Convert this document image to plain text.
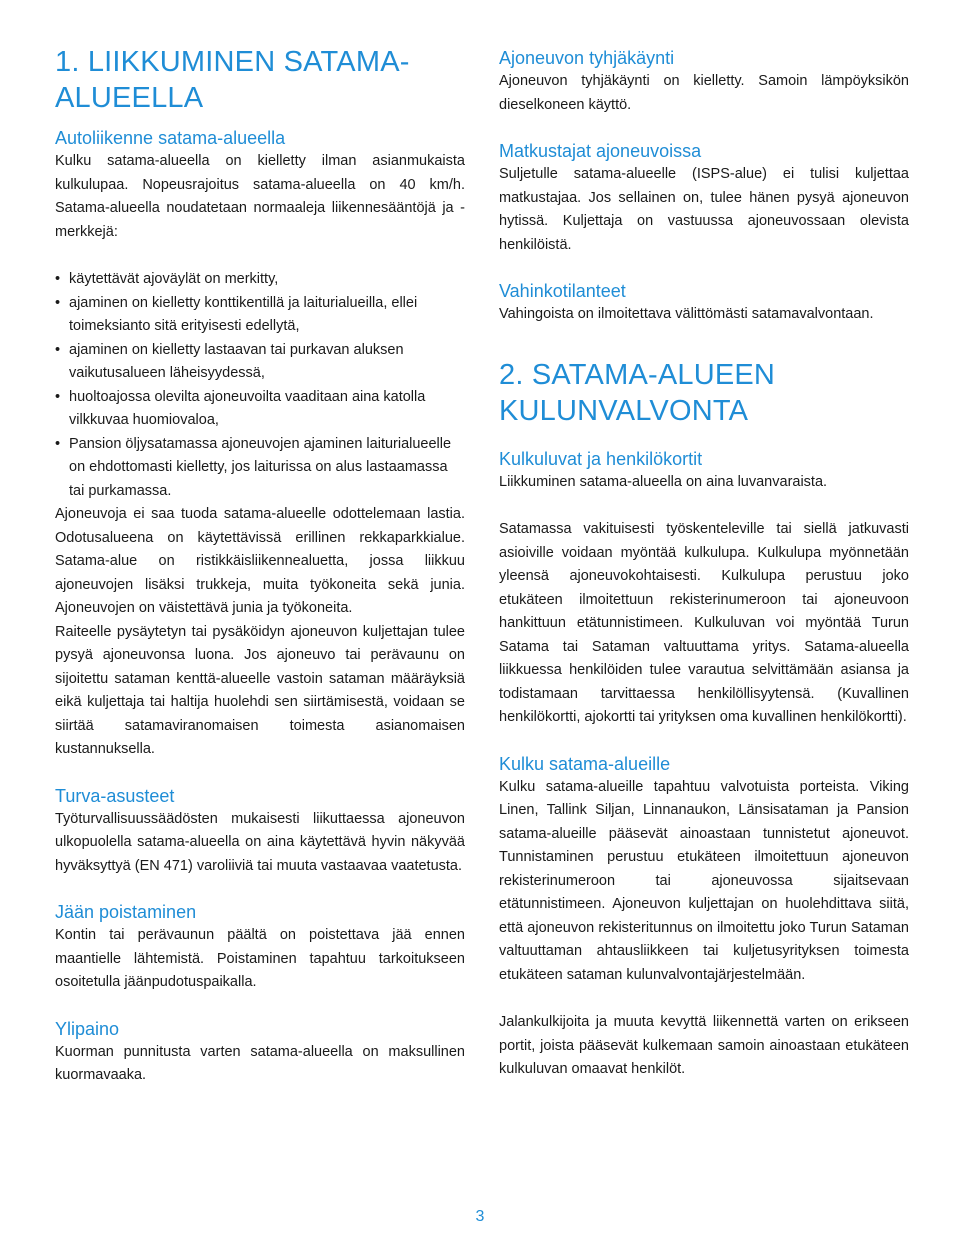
1. LIIKKUMINEN SATAMA-ALUEELLA
Autoliikenne satama-alueella

Kulku satama-alueella on kielletty ilman asianmukaista kulkulupaa. Nopeusrajoitus satama-alueella on 40 km/h. Satama-alueella noudatetaan normaaleja liikennesääntöjä ja -merkkejä:

• käytettävät ajoväylät on merkitty,
• ajaminen on kielletty konttikentillä ja laiturialueilla, ellei toimeksianto sitä erityisesti edellytä,
• ajaminen on kielletty lastaavan tai purkavan aluksen vaikutusalueen läheisyydessä,
• huoltoajossa olevilta ajoneuvoilta vaaditaan aina katolla vilkkuvaa huomiovaloa,
• Pansion öljysatamassa ajoneuvojen ajaminen laiturialueelle on ehdottomasti kielletty, jos laiturissa on alus lastaamassa tai purkamassa.

Ajoneuvoja ei saa tuoda satama-alueelle odottelemaan lastia. Odotusalueena on käytettävissä erillinen rekkaparkkialue. Satama-alue on ristikkäisliikennealuetta, jossa liikkuu ajoneuvojen lisäksi trukkeja, muita työkoneita sekä junia. Ajoneuvojen on väistettävä junia ja työkoneita.

Raiteelle pysäytetyn tai pysäköidyn ajoneuvon kuljettajan tulee pysyä ajoneuvonsa luona. Jos ajoneuvo tai perävaunu on sijoitettu sataman kenttä-alueelle vastoin sataman määräyksiä eikä kuljettaja tai haltija huolehdi sen siirtämisestä, voidaan se siirtää satamaviranomaisen toimesta asianomaisen kustannuksella.

Turva-asusteet

Työturvallisuussäädösten mukaisesti liikuttaessa ajoneuvon ulkopuolella satama-alueella on aina käytettävä hyvin näkyvää hyväksyttyä (EN 471) varoliiviä tai muuta vastaavaa vaatetusta.

Jään poistaminen

Kontin tai perävaunun päältä on poistettava jää ennen maantielle lähtemistä. Poistaminen tapahtuu tarkoitukseen osoitetulla jäänpudotuspaikalla.

Ylipaino

Kuorman punnitusta varten satama-alueella on maksullinen kuormavaaka.

Ajoneuvon tyhjäkäynti

Ajoneuvon tyhjäkäynti on kielletty. Samoin lämpöyksikön dieselkoneen käyttö.

Matkustajat ajoneuvoissa

Suljetulle satama-alueelle (ISPS-alue) ei tulisi kuljettaa matkustajaa. Jos sellainen on, tulee hänen pysyä ajoneuvon hytissä. Kuljettaja on vastuussa ajoneuvossaan olevista henkilöistä.

Vahinkotilanteet

Vahingoista on ilmoitettava välittömästi satamavalvontaan.

2. SATAMA-ALUEEN KULUNVALVONTA
Kulkuluvat ja henkilökortit

Liikkuminen satama-alueella on aina luvanvaraista.

Satamassa vakituisesti työskenteleville tai siellä jatkuvasti asioiville voidaan myöntää kulkulupa. Kulkulupa myönnetään yleensä ajoneuvokohtaisesti. Kulkulupa perustuu joko etukäteen ilmoitettuun rekisterinumeroon tai ajoneuvoon hankittuun etätunnistimeen. Kulkuluvan voi myöntää Turun Satama tai Sataman valtuuttama yritys. Satama-alueella liikkuessa henkilöiden tulee varautua selvittämään asiansa ja todistamaan tarvittaessa henkilöllisyytensä. (Kuvallinen henkilökortti, ajokortti tai yrityksen oma kuvallinen henkilökortti).

Kulku satama-alueille

Kulku satama-alueille tapahtuu valvotuista porteista. Viking Linen, Tallink Siljan, Linnanaukon, Länsisataman ja Pansion satama-alueille pääsevät ainoastaan tunnistetut ajoneuvot. Tunnistaminen perustuu etukäteen ilmoitettuun ajoneuvon rekisterinumeroon tai ajoneuvossa sijaitsevaan etätunnistimeen. Ajoneuvon kuljettajan on huolehdittava siitä, että ajoneuvon rekisteritunnus on ilmoitettu joko Turun Sataman valtuuttaman ahtausliikkeen tai kuljetusyrityksen toimesta etukäteen sataman kulunvalvontajärjestelmään.

Jalankulkijoita ja muuta kevyttä liikennettä varten on erikseen portit, joista pääsevät kulkemaan samoin ainoastaan etukäteen kulkuluvan omaavat henkilöt.

3
